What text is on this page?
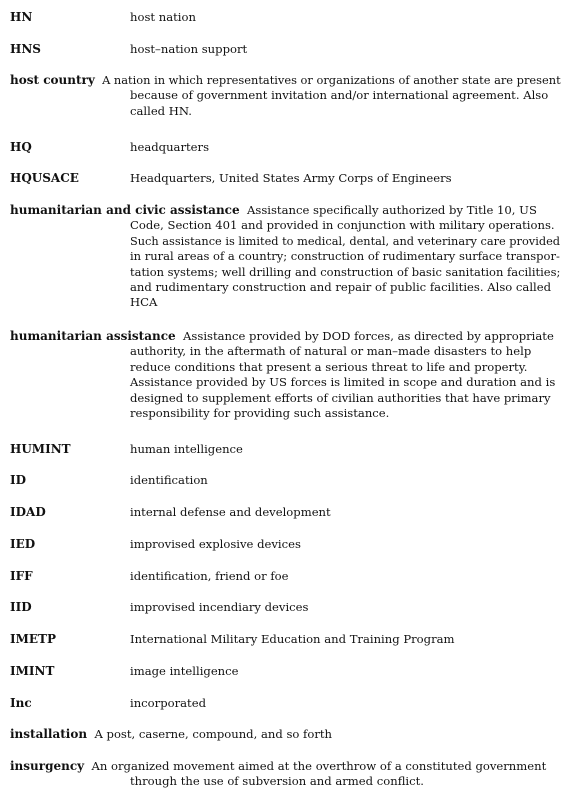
HN	host nation
HNS	host–nation support
host country A nation in which representatives or organizations of another state are present
because of government invitation and/or international agreement. Also
called HN.
HQ	headquarters
HQUSACE	Headquarters, United States Army Corps of Engineers
humanitarian and civic assistance Assistance specifically authorized by Title 10, US
Code, Section 401 and provided in conjunction with military operations.
Such assistance is limited to medical, dental, and veterinary care provided
in rural areas of a country; construction of rudimentary surface transpor-
tation systems; well drilling and construction of basic sanitation facilities;
and rudimentary construction and repair of public facilities. Also called
HCA
humanitarian assistance Assistance provided by DOD forces, as directed by appropriate
authority, in the aftermath of natural or man–made disasters to help
reduce conditions that present a serious threat to life and property.
Assistance provided by US forces is limited in scope and duration and is
designed to supplement efforts of civilian authorities that have primary
responsibility for providing such assistance.
HUMINT	human intelligence
ID	identification
IDAD	internal defense and development
IED	improvised explosive devices
IFF	identification, friend or foe
IID	improvised incendiary devices
IMETP	International Military Education and Training Program
IMINT	image intelligence
Inc	incorporated
installation A post, caserne, compound, and so forth
insurgency An organized movement aimed at the overthrow of a constituted government
through the use of subversion and armed conflict.
